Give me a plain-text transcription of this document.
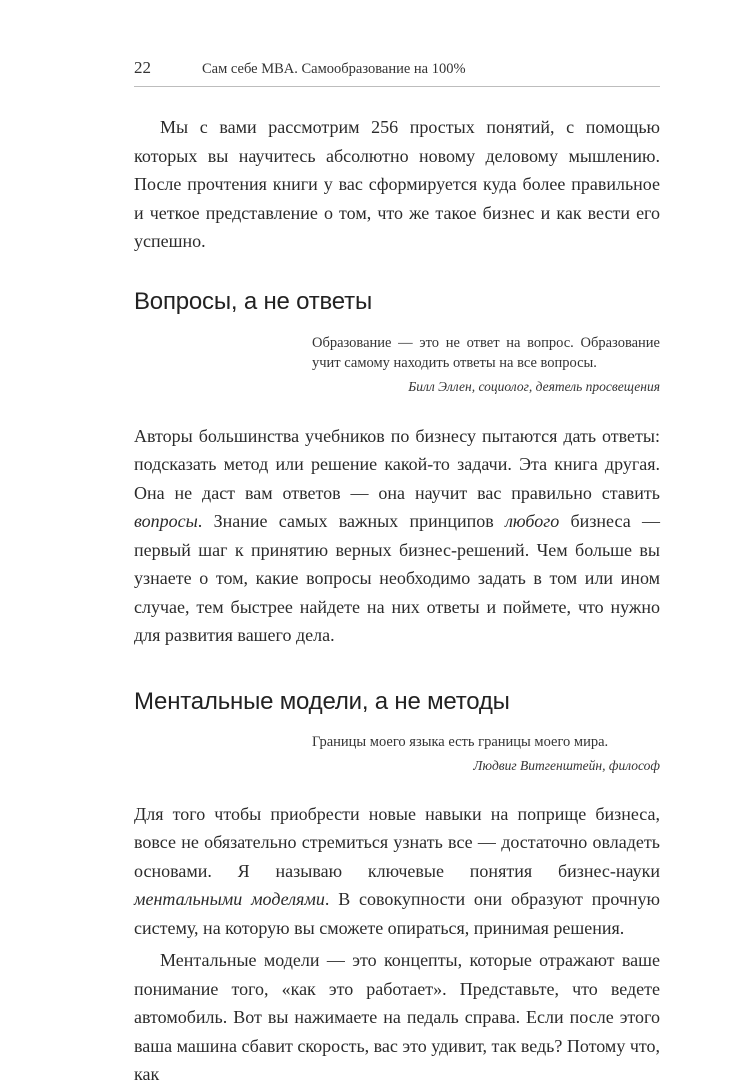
22	Сам себе MBA. Самообразование на 100%

Мы с вами рассмотрим 256 простых понятий, с помощью которых вы научитесь абсолютно новому деловому мышлению. После прочтения книги у вас сформируется куда более правильное и четкое представление о том, что же такое бизнес и как вести его успешно.

Вопросы, а не ответы
Образование — это не ответ на вопрос. Образование учит самому находить ответы на все вопросы.
Билл Эллен, социолог, деятель просвещения

Авторы большинства учебников по бизнесу пытаются дать ответы: подсказать метод или решение какой-то задачи. Эта книга другая. Она не даст вам ответов — она научит вас правильно ставить вопросы. Знание самых важных принципов любого бизнеса — первый шаг к принятию верных бизнес-решений. Чем больше вы узнаете о том, какие вопросы необходимо задать в том или ином случае, тем быстрее найдете на них ответы и поймете, что нужно для развития вашего дела.

Ментальные модели, а не методы
Границы моего языка есть границы моего мира.
Людвиг Витгенштейн, философ

Для того чтобы приобрести новые навыки на поприще бизнеса, вовсе не обязательно стремиться узнать все — достаточно овладеть основами. Я называю ключевые понятия бизнес-науки ментальными моделями. В совокупности они образуют прочную систему, на которую вы сможете опираться, принимая решения.

Ментальные модели — это концепты, которые отражают ваше понимание того, «как это работает». Представьте, что ведете автомобиль. Вот вы нажимаете на педаль справа. Если после этого ваша машина сбавит скорость, вас это удивит, так ведь? Потому что, как
